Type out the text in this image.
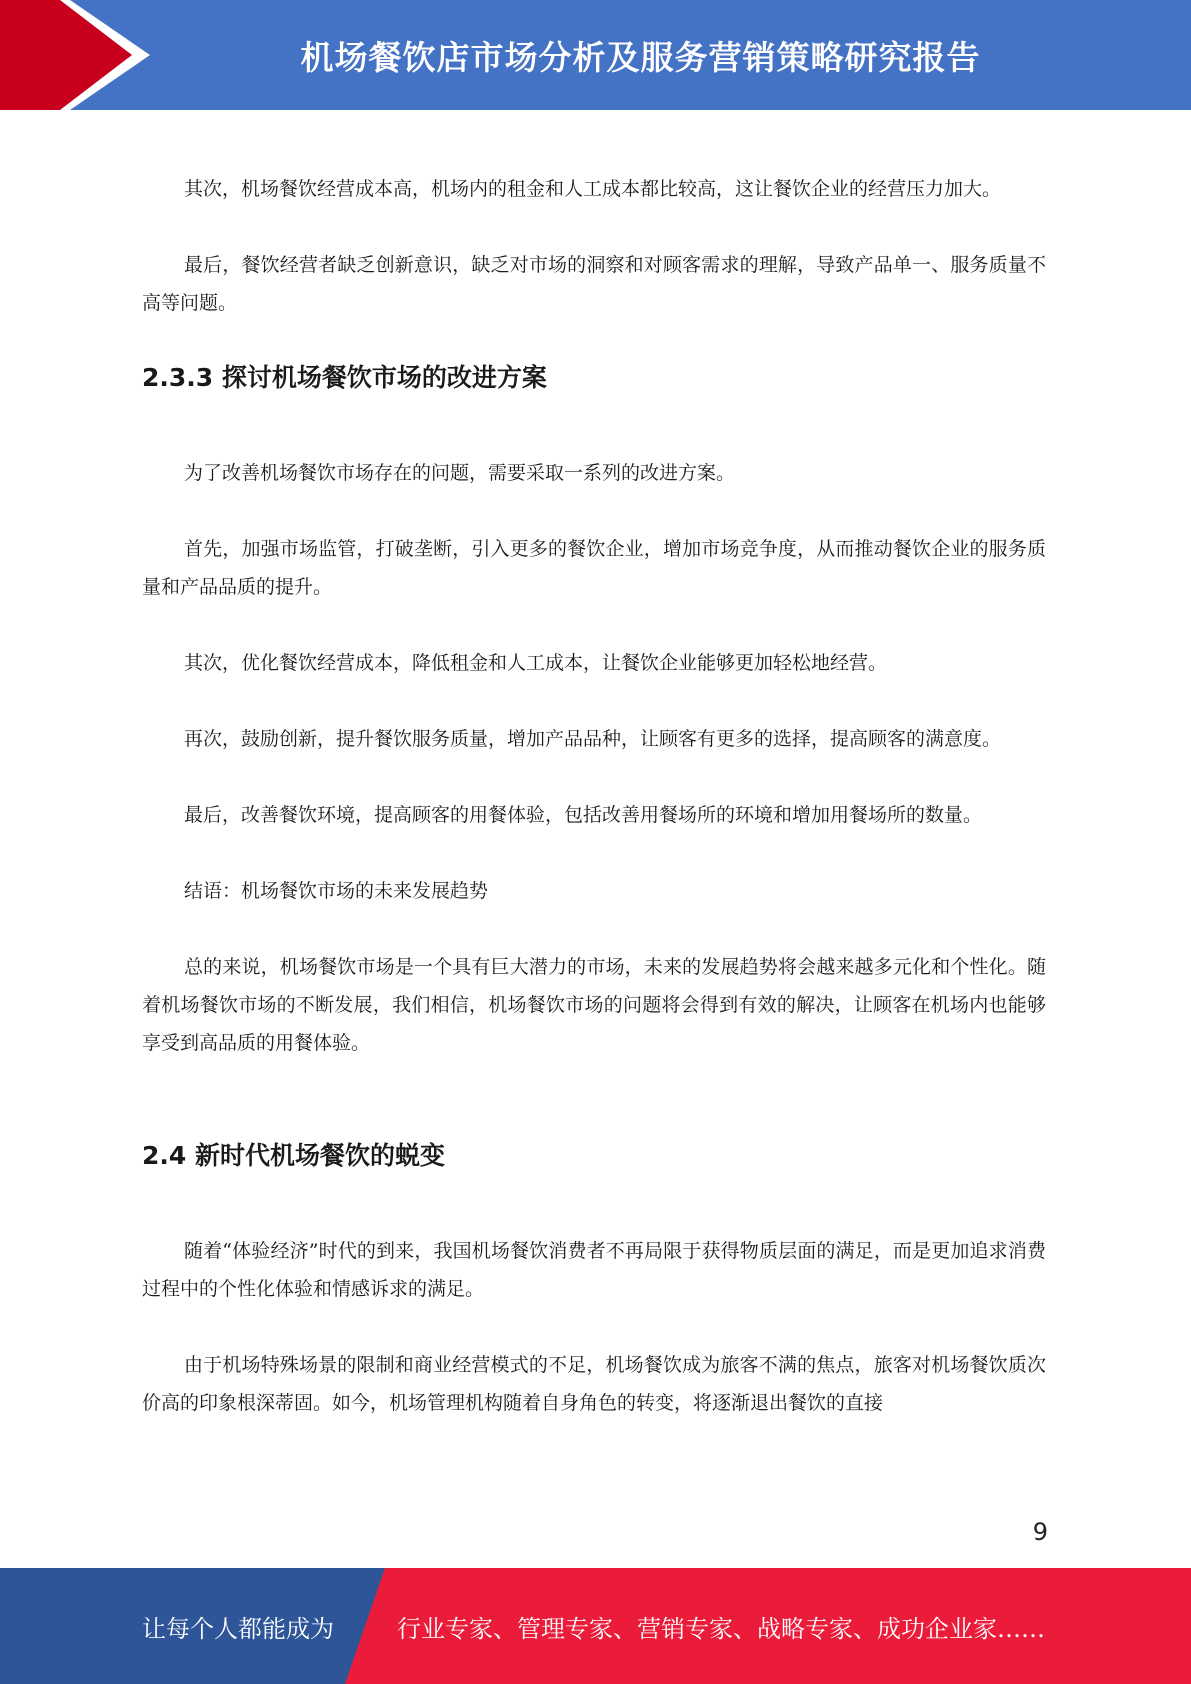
机场餐饮店市场分析及服务营销策略研究报告

其次，机场餐饮经营成本高，机场内的租金和人工成本都比较高，这让餐饮企业的经营压力加大。

最后，餐饮经营者缺乏创新意识，缺乏对市场的洞察和对顾客需求的理解，导致产品单一、服务质量不高等问题。

2.3.3 探讨机场餐饮市场的改进方案

为了改善机场餐饮市场存在的问题，需要采取一系列的改进方案。

首先，加强市场监管，打破垄断，引入更多的餐饮企业，增加市场竞争度，从而推动餐饮企业的服务质量和产品品质的提升。

其次，优化餐饮经营成本，降低租金和人工成本，让餐饮企业能够更加轻松地经营。

再次，鼓励创新，提升餐饮服务质量，增加产品品种，让顾客有更多的选择，提高顾客的满意度。

最后，改善餐饮环境，提高顾客的用餐体验，包括改善用餐场所的环境和增加用餐场所的数量。

结语：机场餐饮市场的未来发展趋势

总的来说，机场餐饮市场是一个具有巨大潜力的市场，未来的发展趋势将会越来越多元化和个性化。随着机场餐饮市场的不断发展，我们相信，机场餐饮市场的问题将会得到有效的解决，让顾客在机场内也能够享受到高品质的用餐体验。

2.4 新时代机场餐饮的蜕变

随着“体验经济”时代的到来，我国机场餐饮消费者不再局限于获得物质层面的满足，而是更加追求消费过程中的个性化体验和情感诉求的满足。

由于机场特殊场景的限制和商业经营模式的不足，机场餐饮成为旅客不满的焦点，旅客对机场餐饮质次价高的印象根深蒂固。如今，机场管理机构随着自身角色的转变，将逐渐退出餐饮的直接

9
让每个人都能成为	行业专家、管理专家、营销专家、战略专家、成功企业家……
